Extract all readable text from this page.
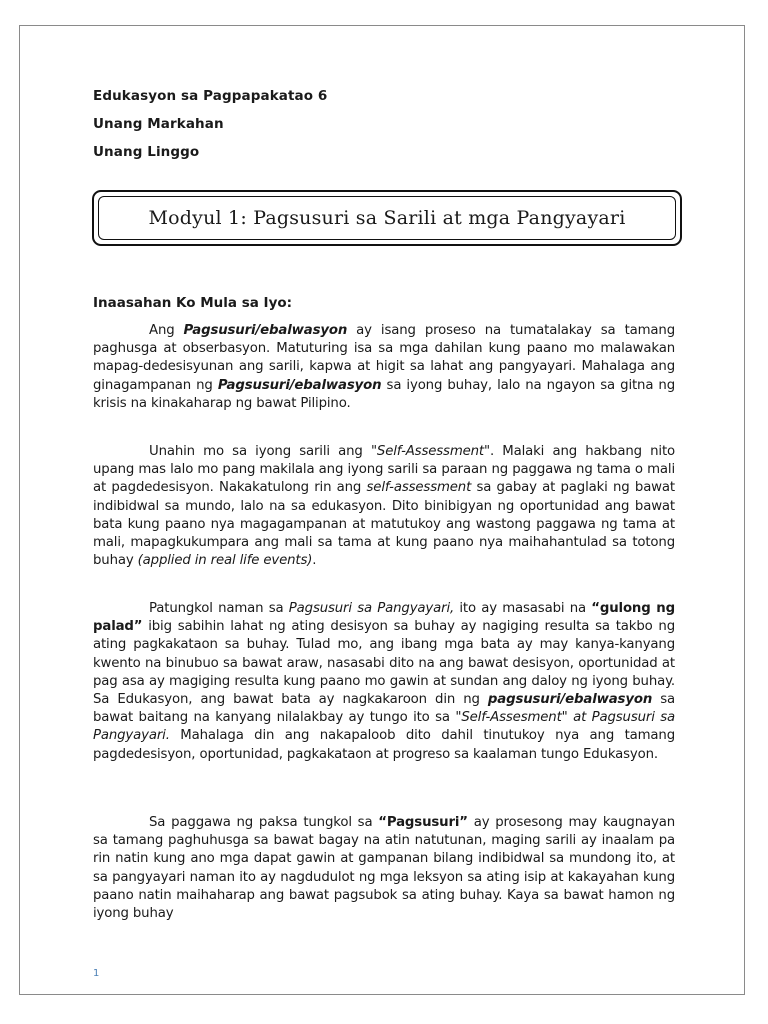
Edukasyon sa Pagpapakatao 6
Unang Markahan
Unang Linggo
Modyul 1: Pagsusuri sa Sarili at mga Pangyayari
Inaasahan Ko Mula sa Iyo:

Ang Pagsusuri/ebalwasyon ay isang proseso na tumatalakay sa tamang paghusga at obserbasyon. Matuturing isa sa mga dahilan kung paano mo malawakan mapag-dedesisyunan ang sarili, kapwa at higit sa lahat ang pangyayari. Mahalaga ang ginagampanan ng Pagsusuri/ebalwasyon sa iyong buhay, lalo na ngayon sa gitna ng krisis na kinakaharap ng bawat Pilipino.

Unahin mo sa iyong sarili ang "Self-Assessment". Malaki ang hakbang nito upang mas lalo mo pang makilala ang iyong sarili sa paraan ng paggawa ng tama o mali at pagdedesisyon. Nakakatulong rin ang self-assessment sa gabay at paglaki ng bawat indibidwal sa mundo, lalo na sa edukasyon. Dito binibigyan ng oportunidad ang bawat bata kung paano nya magagampanan at matutukoy ang wastong paggawa ng tama at mali, mapagkukumpara ang mali sa tama at kung paano nya maihahantulad sa totong buhay (applied in real life events).

Patungkol naman sa Pagsusuri sa Pangyayari, ito ay masasabi na “gulong ng palad” ibig sabihin lahat ng ating desisyon sa buhay ay nagiging resulta sa takbo ng ating pagkakataon sa buhay. Tulad mo, ang ibang mga bata ay may kanya-kanyang kwento na binubuo sa bawat araw, nasasabi dito na ang bawat desisyon, oportunidad at pag asa ay magiging resulta kung paano mo gawin at sundan ang daloy ng iyong buhay. Sa Edukasyon, ang bawat bata ay nagkakaroon din ng pagsusuri/ebalwasyon sa bawat baitang na kanyang nilalakbay ay tungo ito sa "Self-Assesment" at Pagsusuri sa Pangyayari. Mahalaga din ang nakapaloob dito dahil tinutukoy nya ang tamang pagdedesisyon, oportunidad, pagkakataon at progreso sa kaalaman tungo Edukasyon.

Sa paggawa ng paksa tungkol sa “Pagsusuri” ay prosesong may kaugnayan sa tamang paghuhusga sa bawat bagay na atin natutunan, maging sarili ay inaalam pa rin natin kung ano mga dapat gawin at gampanan bilang indibidwal sa mundong ito, at sa pangyayari naman ito ay nagdudulot ng mga leksyon sa ating isip at kakayahan kung paano natin maihaharap ang bawat pagsubok sa ating buhay. Kaya sa bawat hamon ng iyong buhay

1
